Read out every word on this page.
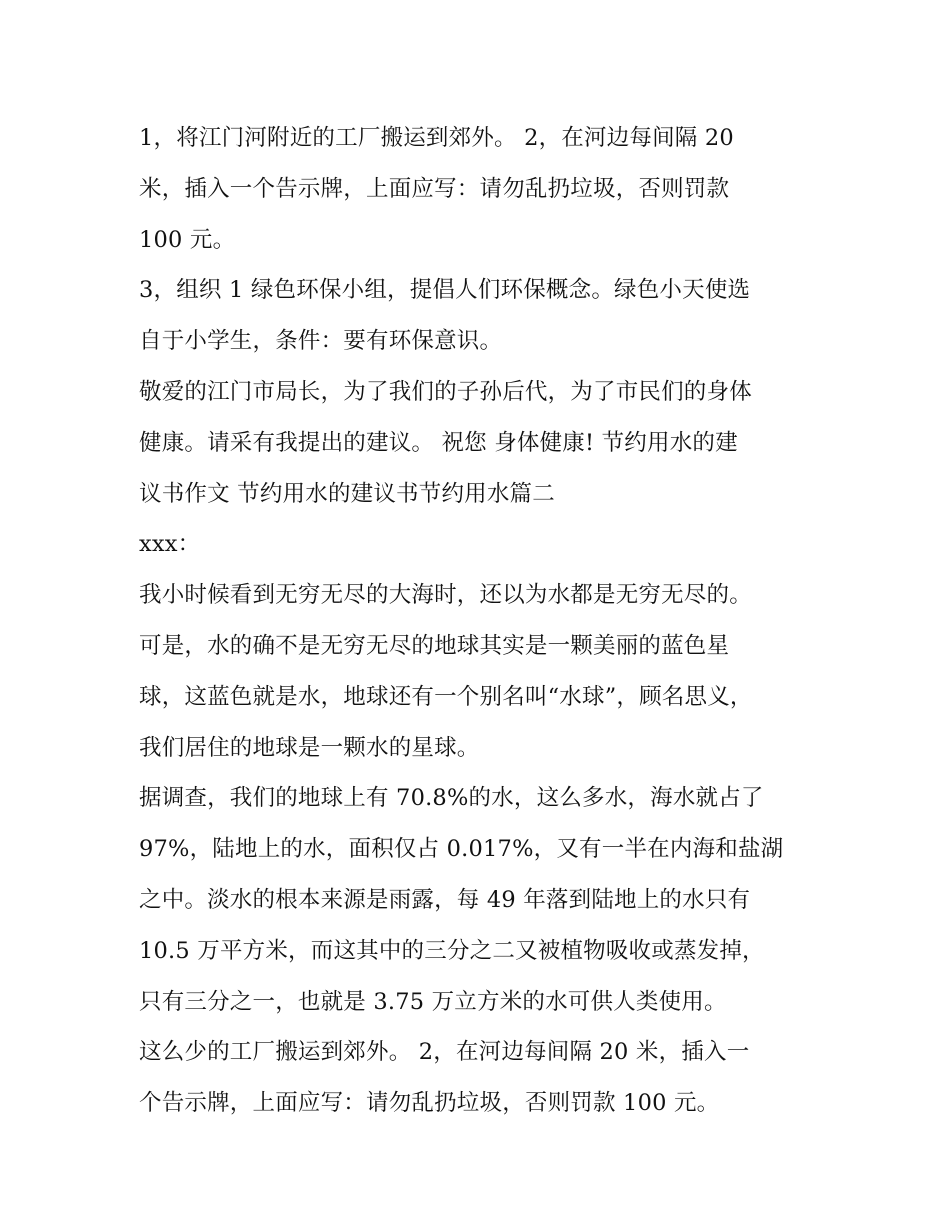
1，将江门河附近的工厂搬运到郊外。 2，在河边每间隔 20
米，插入一个告示牌，上面应写：请勿乱扔垃圾，否则罚款
100 元。
3，组织 1 绿色环保小组，提倡人们环保概念。绿色小天使选
自于小学生，条件：要有环保意识。
敬爱的江门市局长，为了我们的子孙后代，为了市民们的身体
健康。请采有我提出的建议。 祝您 身体健康! 节约用水的建
议书作文 节约用水的建议书节约用水篇二
xxx：
我小时候看到无穷无尽的大海时，还以为水都是无穷无尽的。
可是，水的确不是无穷无尽的地球其实是一颗美丽的蓝色星
球，这蓝色就是水，地球还有一个别名叫“水球”，顾名思义，
我们居住的地球是一颗水的星球。
据调查，我们的地球上有 70.8%的水，这么多水，海水就占了
97%，陆地上的水，面积仅占 0.017%，又有一半在内海和盐湖
之中。淡水的根本来源是雨露，每 49 年落到陆地上的水只有
10.5 万平方米，而这其中的三分之二又被植物吸收或蒸发掉，
只有三分之一，也就是 3.75 万立方米的水可供人类使用。
这么少的工厂搬运到郊外。 2，在河边每间隔 20 米，插入一
个告示牌，上面应写：请勿乱扔垃圾，否则罚款 100 元。
